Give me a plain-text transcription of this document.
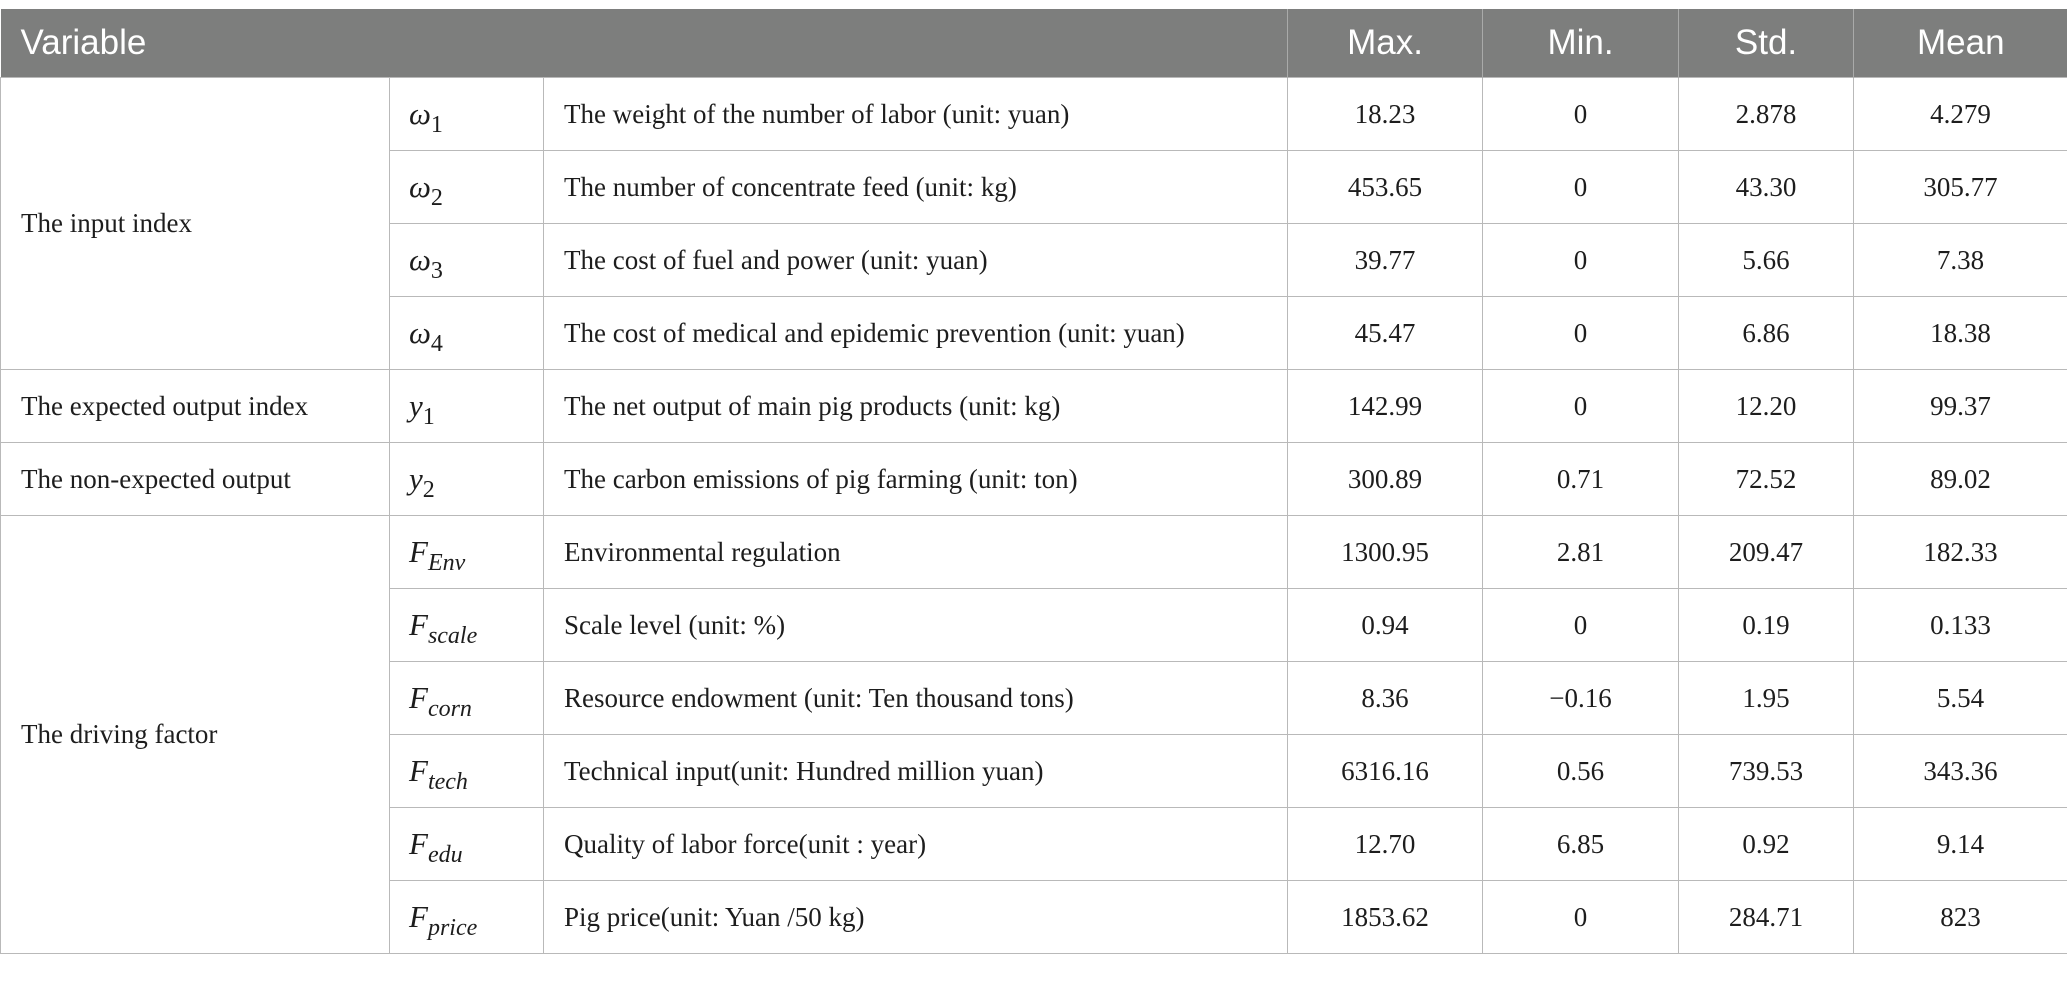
Variable			Max.	Min.	Std.	Mean
The input index	$\omega_1$	The weight of the number of labor (unit: yuan)	18.23	0	2.878	4.279
	$\omega_2$	The number of concentrate feed (unit: kg)	453.65	0	43.30	305.77
	$\omega_3$	The cost of fuel and power (unit: yuan)	39.77	0	5.66	7.38
	$\omega_4$	The cost of medical and epidemic prevention (unit: yuan)	45.47	0	6.86	18.38
The expected output index	$y_1$	The net output of main pig products (unit: kg)	142.99	0	12.20	99.37
The non-expected output	$y_2$	The carbon emissions of pig farming (unit: ton)	300.89	0.71	72.52	89.02
The driving factor	$F_{Env}$	Environmental regulation	1300.95	2.81	209.47	182.33
	$F_{scale}$	Scale level (unit: %)	0.94	0	0.19	0.133
	$F_{corn}$	Resource endowment (unit: Ten thousand tons)	8.36	−0.16	1.95	5.54
	$F_{tech}$	Technical input(unit: Hundred million yuan)	6316.16	0.56	739.53	343.36
	$F_{edu}$	Quality of labor force(unit : year)	12.70	6.85	0.92	9.14
	$F_{price}$	Pig price(unit: Yuan /50 kg)	1853.62	0	284.71	823
